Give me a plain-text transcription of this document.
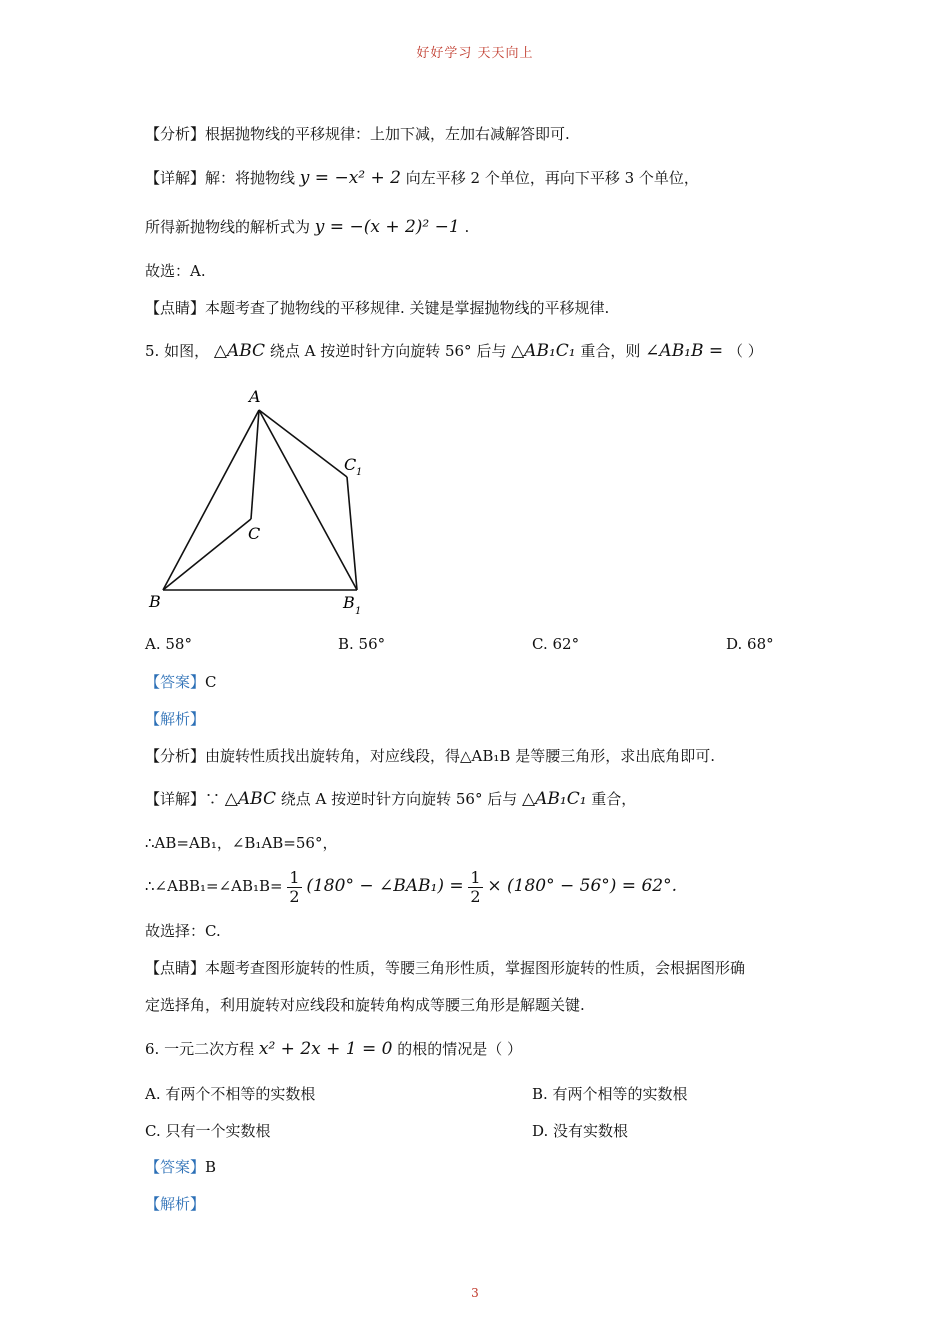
好好学习 天天向上
【分析】根据抛物线的平移规律：上加下减，左加右减解答即可.
【详解】解：将抛物线 y = −x² + 2 向左平移 2 个单位，再向下平移 3 个单位，
所得新抛物线的解析式为 y = −(x + 2)² −1 .
故选：A.
【点睛】本题考查了抛物线的平移规律. 关键是掌握抛物线的平移规律.
5. 如图， △ABC 绕点 A 按逆时针方向旋转 56° 后与 △AB₁C₁ 重合，则 ∠AB₁B = （ ）
A
B
C
B 1
C 1
A. 58°	B. 56°	C. 62°	D. 68°
【答案】C
【解析】
【分析】由旋转性质找出旋转角，对应线段，得△AB₁B 是等腰三角形，求出底角即可.
【详解】∵ △ABC 绕点 A 按逆时针方向旋转 56° 后与 △AB₁C₁ 重合，
∴AB=AB₁，∠B₁AB=56°，
∴∠ABB₁=∠AB₁B= $\frac{1}{2} (180^\circ$ − ∠BAB₁) = $\frac{1}{2} \times (180^\circ - 56^\circ) = 62^\circ$.
故选择：C.
【点睛】本题考查图形旋转的性质，等腰三角形性质，掌握图形旋转的性质，会根据图形确
定选择角，利用旋转对应线段和旋转角构成等腰三角形是解题关键.
6. 一元二次方程 x² + 2x + 1 = 0 的根的情况是（ ）
A. 有两个不相等的实数根	B. 有两个相等的实数根
C. 只有一个实数根	D. 没有实数根
【答案】B
【解析】
3
